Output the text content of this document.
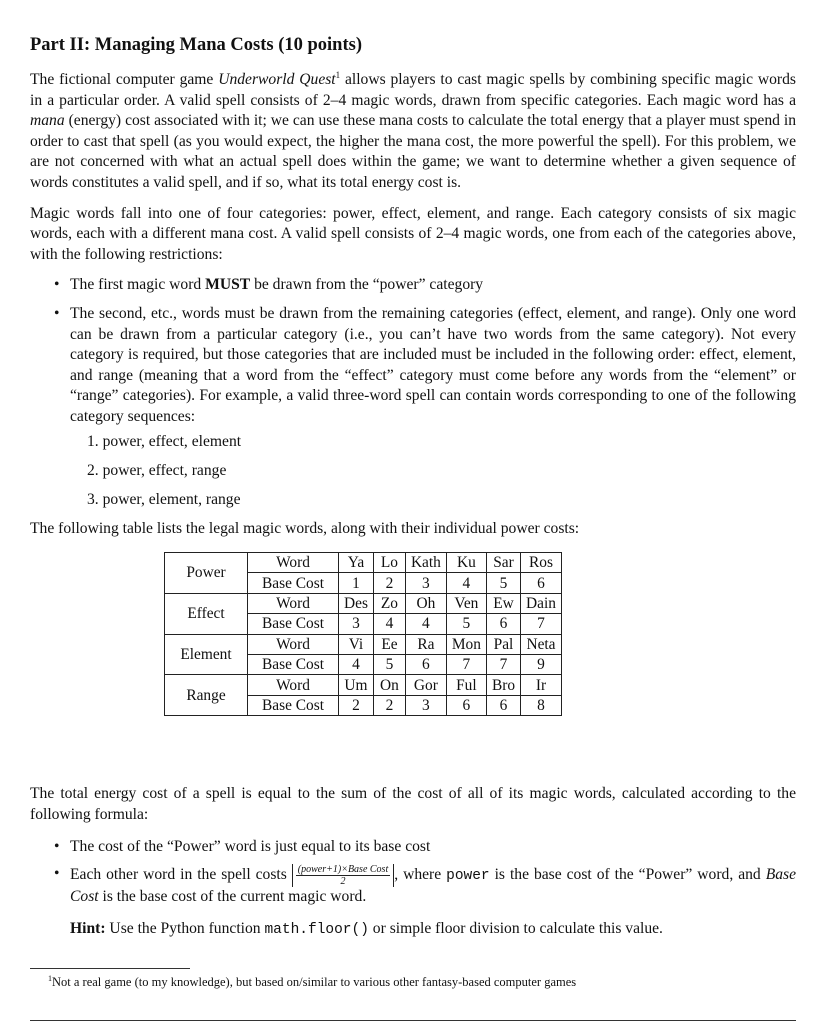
Part II: Managing Mana Costs (10 points)

The fictional computer game Underworld Quest$^1$ allows players to cast magic spells by combining specific magic words in a particular order. A valid spell consists of 2–4 magic words, drawn from specific categories. Each magic word has a mana (energy) cost associated with it; we can use these mana costs to calculate the total energy that a player must spend in order to cast that spell (as you would expect, the higher the mana cost, the more powerful the spell). For this problem, we are not concerned with what an actual spell does within the game; we want to determine whether a given sequence of words constitutes a valid spell, and if so, what its total energy cost is.

Magic words fall into one of four categories: power, effect, element, and range. Each category consists of six magic words, each with a different mana cost. A valid spell consists of 2–4 magic words, one from each of the categories above, with the following restrictions:

• The first magic word MUST be drawn from the “power” category
• The second, etc., words must be drawn from the remaining categories (effect, element, and range). Only one word can be drawn from a particular category (i.e., you can’t have two words from the same category). Not every category is required, but those categories that are included must be included in the following order: effect, element, and range (meaning that a word from the “effect” category must come before any words from the “element” or “range” categories). For example, a valid three-word spell can contain words corresponding to one of the following category sequences:
1. power, effect, element
2. power, effect, range
3. power, element, range

The following table lists the legal magic words, along with their individual power costs:

Power	Word	Ya	Lo	Kath	Ku	Sar	Ros
	Base Cost	1	2	3	4	5	6
Effect	Word	Des	Zo	Oh	Ven	Ew	Dain
	Base Cost	3	4	4	5	6	7
Element	Word	Vi	Ee	Ra	Mon	Pal	Neta
	Base Cost	4	5	6	7	7	9
Range	Word	Um	On	Gor	Ful	Bro	Ir
	Base Cost	2	2	3	6	6	8

The total energy cost of a spell is equal to the sum of the cost of all of its magic words, calculated according to the following formula:

• The cost of the “Power” word is just equal to its base cost
• Each other word in the spell costs $\frac{\text{(power+1)×Base Cost}}{2}$ , where power is the base cost of the “Power” word, and Base Cost is the base cost of the current magic word.

Hint: Use the Python function math.floor() or simple floor division to calculate this value.

$^1$Not a real game (to my knowledge), but based on/similar to various other fantasy-based computer games
